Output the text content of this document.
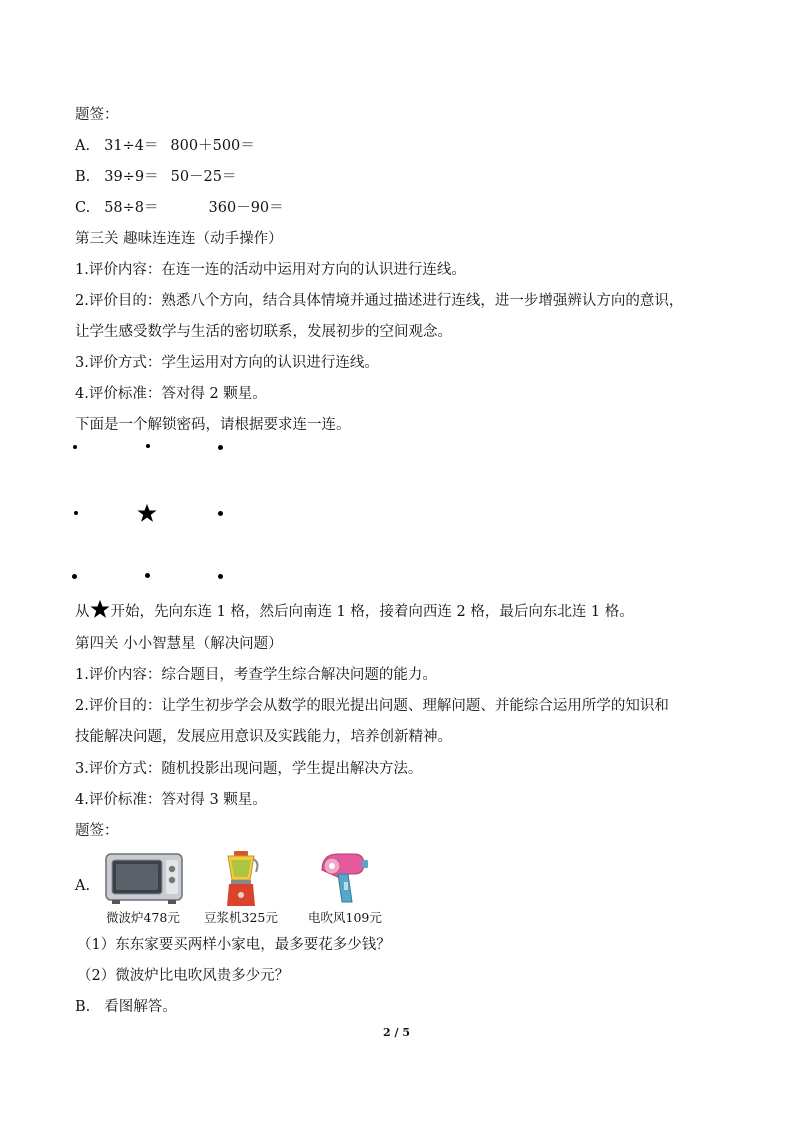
题签：
A. 31÷4＝ 800＋500＝
B. 39÷9＝ 50－25＝
C. 58÷8＝	360－90＝
第三关 趣味连连连（动手操作）
1.评价内容：在连一连的活动中运用对方向的认识进行连线。
2.评价目的：熟悉八个方向，结合具体情境并通过描述进行连线，进一步增强辨认方向的意识，
让学生感受数学与生活的密切联系，发展初步的空间观念。
3.评价方式：学生运用对方向的认识进行连线。
4.评价标准：答对得 2 颗星。
下面是一个解锁密码，请根据要求连一连。
从 开始，先向东连 1 格，然后向南连 1 格，接着向西连 2 格，最后向东北连 1 格。
第四关 小小智慧星（解决问题）
1.评价内容：综合题目，考查学生综合解决问题的能力。
2.评价目的：让学生初步学会从数学的眼光提出问题、理解问题、并能综合运用所学的知识和
技能解决问题，发展应用意识及实践能力，培养创新精神。
3.评价方式：随机投影出现问题，学生提出解决方法。
4.评价标准：答对得 3 颗星。
题签：
A.
微波炉478元 豆浆机325元 电吹风109元
（1）东东家要买两样小家电，最多要花多少钱？
（2）微波炉比电吹风贵多少元？
B. 看图解答。
2 / 5
